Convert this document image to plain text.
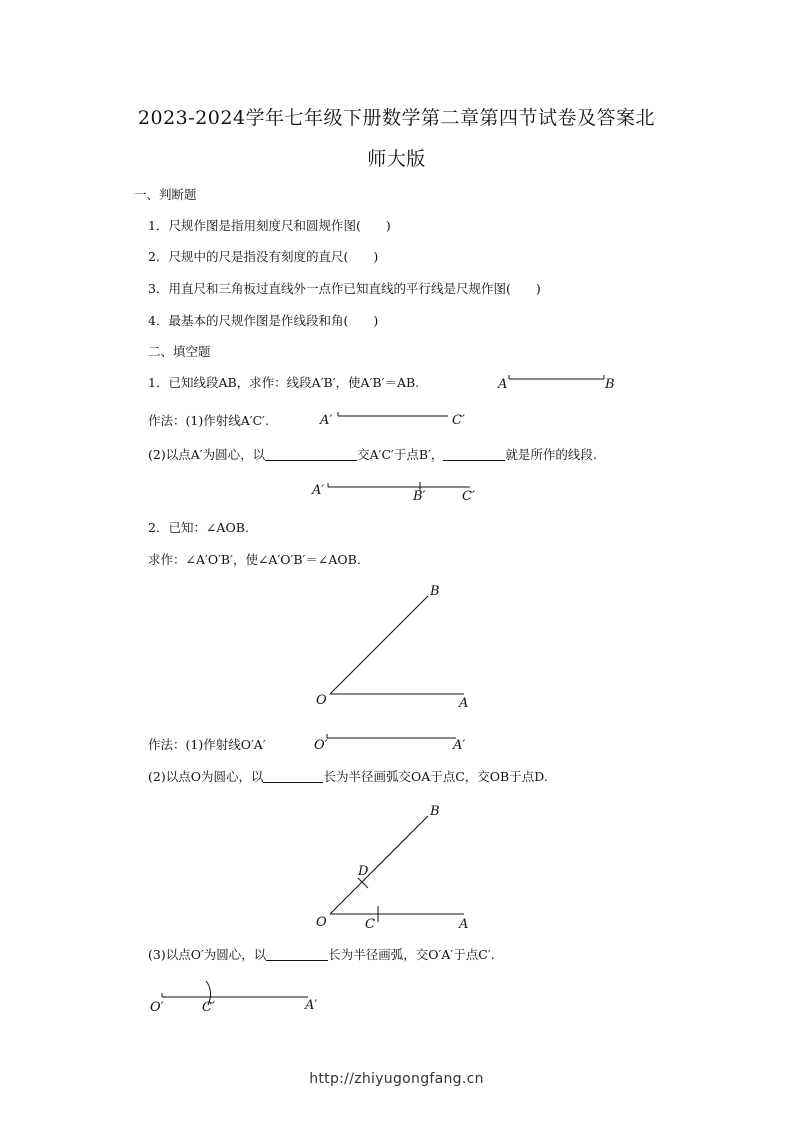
2023-2024学年七年级下册数学第二章第四节试卷及答案北
师大版
一、判断题
1．尺规作图是指用刻度尺和圆规作图(　　)
2．尺规中的尺是指没有刻度的直尺(　　)
3．用直尺和三角板过直线外一点作已知直线的平行线是尺规作图(　　)
4．最基本的尺规作图是作线段和角(　　)
二、填空题
1．已知线段AB，求作：线段A′B′，使A′B′＝AB.	A	B
作法：(1)作射线A′C′.	A′	C′
(2)以点A′为圆心，以	交A′C′于点B′，	就是所作的线段.
A′	B′	C′
2．已知：∠AOB.
求作：∠A′O′B′，使∠A′O′B′＝∠AOB.
B
O	A
作法：(1)作射线O′A′	O′	A′
(2)以点O为圆心，以	长为半径画弧交OA于点C，交OB于点D.
B
D
O	C	A
(3)以点O′为圆心，以	长为半径画弧，交O′A′于点C′.
O′	C′	A′
http://zhiyugongfang.cn
